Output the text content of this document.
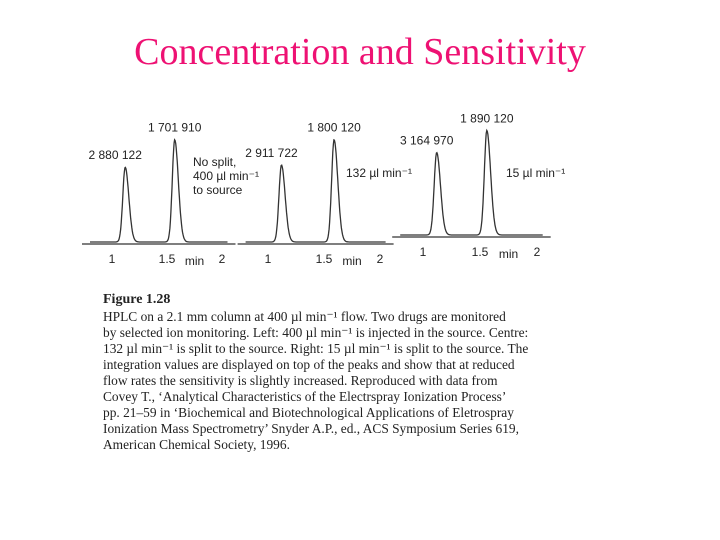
Concentration and Sensitivity
2 880 122
1 701 910
1	1.5	2
min
No split,
400 µl min⁻¹
to source
2 911 722
1 800 120
1	1.5	2
min
132 µl min⁻¹
3 164 970
1 890 120
1	1.5	2
min
15 µl min⁻¹
Figure 1.28
HPLC on a 2.1 mm column at 400 µl min⁻¹ flow. Two drugs are monitored
by selected ion monitoring. Left: 400 µl min⁻¹ is injected in the source. Centre:
132 µl min⁻¹ is split to the source. Right: 15 µl min⁻¹ is split to the source. The
integration values are displayed on top of the peaks and show that at reduced
flow rates the sensitivity is slightly increased. Reproduced with data from
Covey T., ‘Analytical Characteristics of the Electrspray Ionization Process’
pp. 21–59 in ‘Biochemical and Biotechnological Applications of Eletrospray
Ionization Mass Spectrometry’ Snyder A.P., ed., ACS Symposium Series 619,
American Chemical Society, 1996.
